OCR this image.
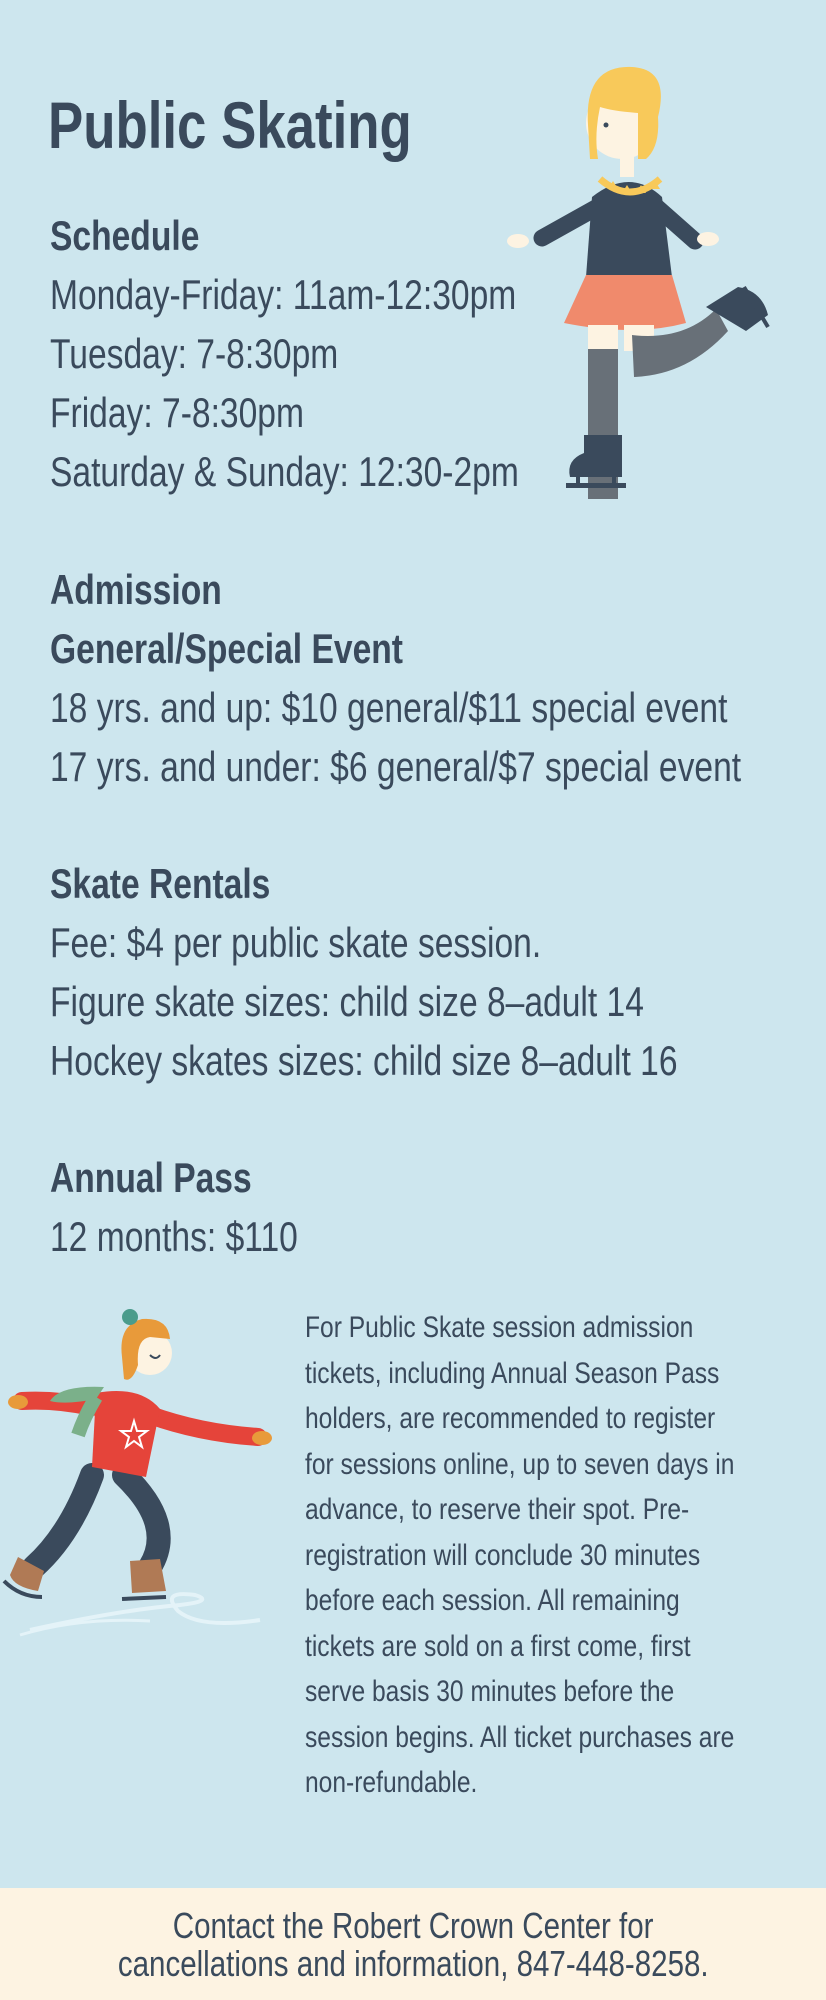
Public Skating
Schedule
Monday-Friday: 11am-12:30pm
Tuesday: 7-8:30pm
Friday: 7-8:30pm
Saturday & Sunday: 12:30-2pm
Admission
General/Special Event
18 yrs. and up: $10 general/$11 special event
17 yrs. and under: $6 general/$7 special event
Skate Rentals
Fee: $4 per public skate session.
Figure skate sizes: child size 8–adult 14
Hockey skates sizes: child size 8–adult 16
Annual Pass
12 months: $110
For Public Skate session admission
tickets, including Annual Season Pass
holders, are recommended to register
for sessions online, up to seven days in
advance, to reserve their spot. Pre-
registration will conclude 30 minutes
before each session. All remaining
tickets are sold on a first come, first
serve basis 30 minutes before the
session begins. All ticket purchases are
non-refundable.
Contact the Robert Crown Center for
cancellations and information, 847-448-8258.
